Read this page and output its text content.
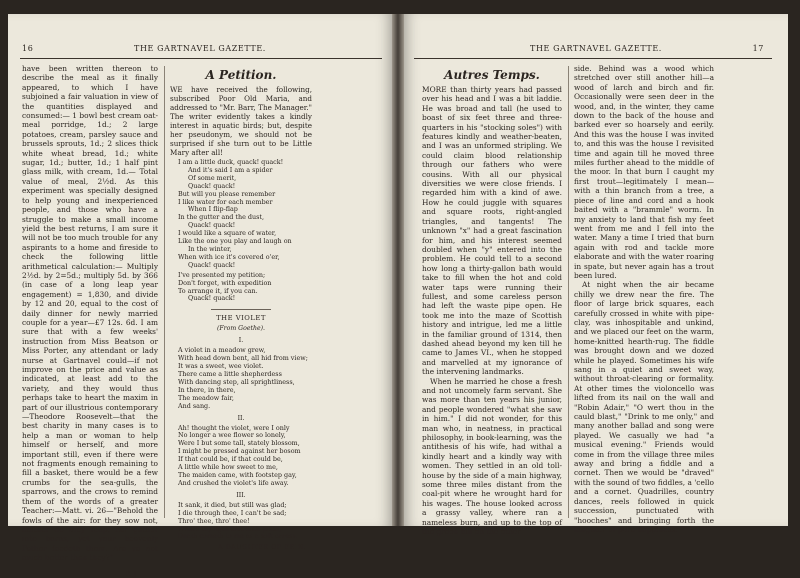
16	THE GARTNAVEL GAZETTE.

have been written thereon to describe the meal as it finally appeared, to which I have subjoined a fair valuation in view of the quantities displayed and consumed:— 1 bowl best cream oat-meal porridge, 1d.; 2 large potatoes, cream, parsley sauce and brussels sprouts, 1d.; 2 slices thick white wheat bread, 1d.; white sugar, 1d.; butter, 1d.; 1 half pint glass milk, with cream, 1d.— Total value of meal, 2½d. As this experiment was specially designed to help young and inexperienced people, and those who have a struggle to make a small income yield the best returns, I am sure it will not be too much trouble for any aspirants to a home and fireside to check the following little arithmetical calculation:— Multiply 2½d. by 2=5d.; multiply 5d. by 366 (in case of a long leap year engagement) = 1,830, and divide by 12 and 20, equal to the cost of daily dinner for newly married couple for a year—£7 12s. 6d. I am sure that with a few weeks' instruction from Miss Beatson or Miss Porter, any attendant or lady nurse at Gartnavel could—if not improve on the price and value as indicated, at least add to the variety, and they would thus perhaps take to heart the maxim in part of our illustrious contemporary—Theodore Roosevelt—that the best charity in many cases is to help a man or woman to help himself or herself, and more important still, even if there were not fragments enough remaining to fill a basket, there would be a few crumbs for the sea-gulls, the sparrows, and the crows to remind them of the words of a greater Teacher:—Matt. vi. 26—"Behold the fowls of the air: for they sow not, neither do they reap, nor gather into barns; yet your heavenly Father feedeth them. Are ye not much better than they?"

P. J.
A Petition.

WE have received the following, subscribed Poor Old Maria, and addressed to "Mr. Barr, The Manager." The writer evidently takes a kindly interest in aquatic birds; but, despite her pseudonym, we should not be surprised if she turn out to be Little Mary after all!

I am a little duck, quack! quack!
And it's said I am a spider
Of some merit,
Quack! quack!
But will you please remember
I like water for each member
When I flip-flap
In the gutter and the dust,
Quack! quack!
I would like a square of water,
Like the one you play and laugh on
In the winter,
When with ice it's covered o'er,
Quack! quack!
I've presented my petition;
Don't forget, with expedition
To arrange it, if you can.
Quack! quack!
THE VIOLET
(From Goethe).
I.
A violet in a meadow grew,
With head down bent, all hid from view;
It was a sweet, wee violet.
There came a little shepherdess
With dancing step, all sprightliness,
In there, in there,
The meadow fair,
And sang.
II.
Ah! thought the violet, were I only
No longer a wee flower so lonely,
Were I but some tall, stately blossom,
I might be pressed against her bosom
If that could be, if that could be,
A little while how sweet to me,
The maiden came, with footstep gay,
And crushed the violet's life away.
III.
It sank, it died, but still was glad;
I die through thee, I can't be sad;
Thro' thee, thro' thee!
Where thy light foot doth press,
Death cometh to me as a soft caress.
A DAUGHTER OF ERIN.
THE GARTNAVEL GAZETTE.	17
Autres Temps.

MORE than thirty years had passed over his head and I was a bit laddie. He was broad and tall (he used to boast of six feet three and three-quarters in his "stocking soles") with features kindly and weather-beaten, and I was an unformed stripling. We could claim blood relationship through our fathers who were cousins. With all our physical diversities we were close friends. I regarded him with a kind of awe. How he could juggle with squares and square roots, right-angled triangles, and tangents! The unknown "x" had a great fascination for him, and his interest seemed doubled when "y" entered into the problem. He could tell to a second how long a thirty-gallon bath would take to fill when the hot and cold water taps were running their fullest, and some careless person had left the waste pipe open. He took me into the maze of Scottish history and intrigue, led me a little in the familiar ground of 1314, then dashed ahead beyond my ken till he came to James VI., when he stopped and marvelled at my ignorance of the intervening landmarks.

When he married he chose a fresh and not uncomely farm servant. She was more than ten years his junior, and people wondered "what she saw in him." I did not wonder, for this man who, in neatness, in practical philosophy, in book-learning, was the antithesis of his wife, had withal a kindly heart and a kindly way with women. They settled in an old toll-house by the side of a main highway, some three miles distant from the coal-pit where he wrought hard for his wages. The house looked across a grassy valley, where ran a nameless burn, and up to the top of the green hill on the other

side. Behind was a wood which stretched over still another hill—a wood of larch and birch and fir. Occasionally were seen deer in the wood, and, in the winter, they came down to the back of the house and barked ever so hoarsely and eerily. And this was the house I was invited to, and this was the house I revisited time and again till he moved three miles further ahead to the middle of the moor. In that burn I caught my first trout—legitimately I mean—with a thin branch from a tree, a piece of line and cord and a hook baited with a "brammle" worm. In my anxiety to land that fish my feet went from me and I fell into the water. Many a time I tried that burn again with rod and tackle more elaborate and with the water roaring in spate, but never again has a trout been lured.

At night when the air became chilly we drew near the fire. The floor of large brick squares, each carefully crossed in white with pipe-clay, was inhospitable and unkind, and we placed our feet on the warm, home-knitted hearth-rug. The fiddle was brought down and we dozed while he played. Sometimes his wife sang in a quiet and sweet way, without throat-clearing or formality. At other times the violoncello was lifted from its nail on the wall and "Robin Adair," "O wert thou in the cauld blast," "Drink to me only," and many another ballad and song were played. We casually we had "a musical evening." Friends would come in from the village three miles away and bring a fiddle and a cornet. Then we would be "draved" with the sound of two fiddles, a 'cello and a cornet. Quadrilles, country dances, reels followed in quick succession, punctuated with "hooches" and bringing forth the laughter of pure happiness.
